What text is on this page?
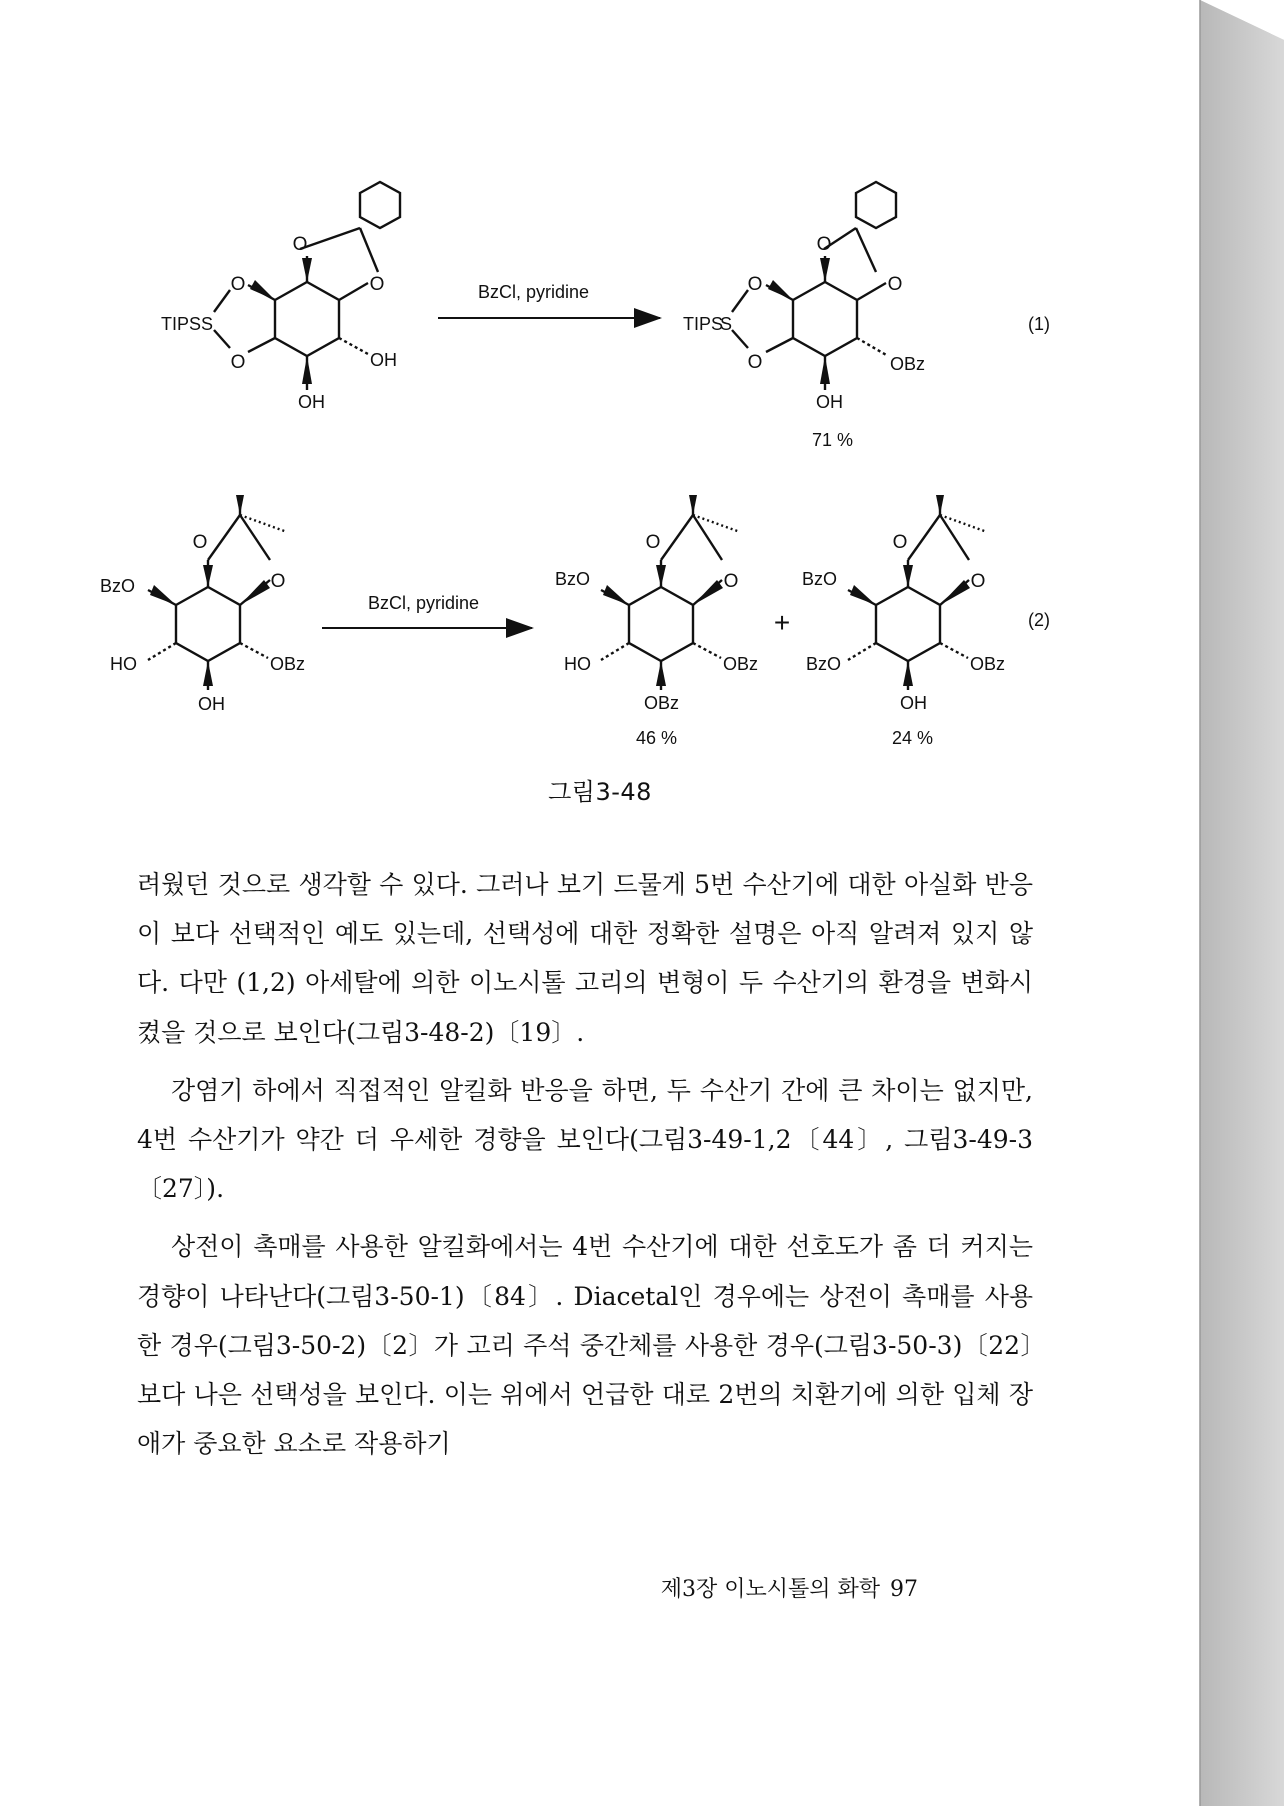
O
O
O
O
TIPS S
OH
OH
BzCl, pyridine
O
O
O
O
TIPS
S
OBz
OH
71 %
(1)
O
O
BzO
HO	OBz
OH
BzCl, pyridine
O
O
BzO
HO	OBz
OBz
46 %
+
O
O
BzO
BzO	OBz
OH
24 %
(2)
그림3-48

려웠던 것으로 생각할 수 있다. 그러나 보기 드물게 5번 수산기에 대한 아실화 반응이 보다 선택적인 예도 있는데, 선택성에 대한 정확한 설명은 아직 알려져 있지 않다. 다만 (1,2) 아세탈에 의한 이노시톨 고리의 변형이 두 수산기의 환경을 변화시켰을 것으로 보인다(그림3-48-2)〔19〕.

강염기 하에서 직접적인 알킬화 반응을 하면, 두 수산기 간에 큰 차이는 없지만, 4번 수산기가 약간 더 우세한 경향을 보인다(그림3-49-1,2〔44〕, 그림3-49-3〔27〕).

상전이 촉매를 사용한 알킬화에서는 4번 수산기에 대한 선호도가 좀 더 커지는 경향이 나타난다(그림3-50-1)〔84〕. Diacetal인 경우에는 상전이 촉매를 사용한 경우(그림3-50-2)〔2〕가 고리 주석 중간체를 사용한 경우(그림3-50-3)〔22〕보다 나은 선택성을 보인다. 이는 위에서 언급한 대로 2번의 치환기에 의한 입체 장애가 중요한 요소로 작용하기

제3장 이노시톨의 화학 97
